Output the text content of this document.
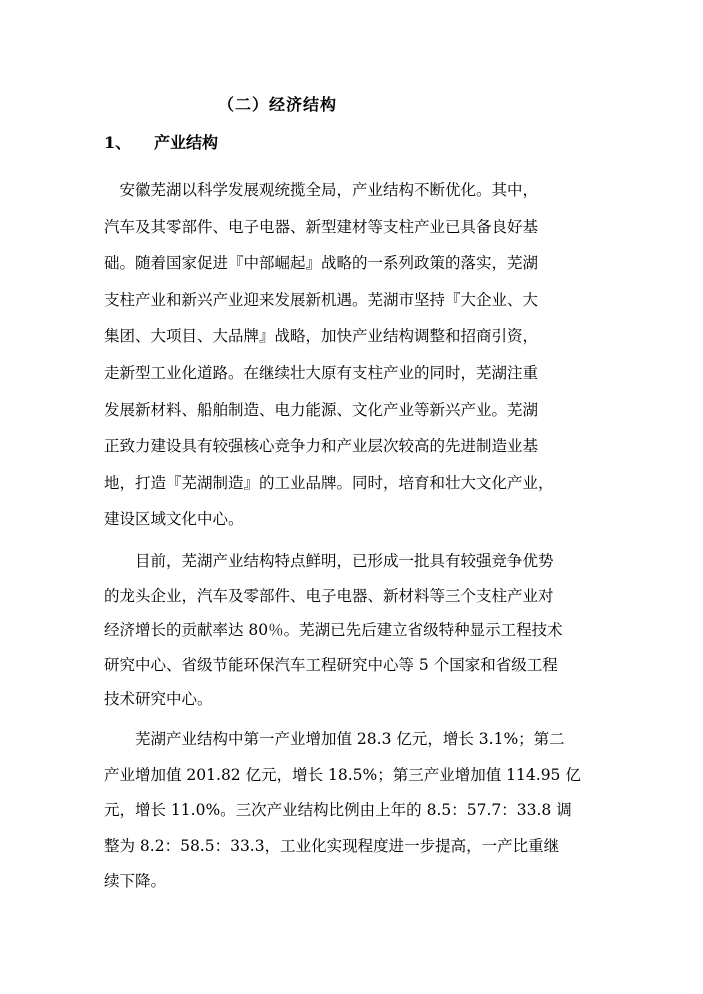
（二）经济结构
1、 产业结构
　安徽芜湖以科学发展观统揽全局，产业结构不断优化。其中，
汽车及其零部件、电子电器、新型建材等支柱产业已具备良好基
础。随着国家促进『中部崛起』战略的一系列政策的落实，芜湖
支柱产业和新兴产业迎来发展新机遇。芜湖市坚持『大企业、大
集团、大项目、大品牌』战略，加快产业结构调整和招商引资，
走新型工业化道路。在继续壮大原有支柱产业的同时，芜湖注重
发展新材料、船舶制造、电力能源、文化产业等新兴产业。芜湖
正致力建设具有较强核心竞争力和产业层次较高的先进制造业基
地，打造『芜湖制造』的工业品牌。同时，培育和壮大文化产业，
建设区域文化中心。
　　目前，芜湖产业结构特点鲜明，已形成一批具有较强竞争优势
的龙头企业，汽车及零部件、电子电器、新材料等三个支柱产业对
经济增长的贡献率达 80％。芜湖已先后建立省级特种显示工程技术
研究中心、省级节能环保汽车工程研究中心等 5 个国家和省级工程
技术研究中心。
　　芜湖产业结构中第一产业增加值 28.3 亿元，增长 3.1%；第二
产业增加值 201.82 亿元，增长 18.5%；第三产业增加值 114.95 亿
元，增长 11.0%。三次产业结构比例由上年的 8.5：57.7：33.8 调
整为 8.2：58.5：33.3，工业化实现程度进一步提高，一产比重继
续下降。
